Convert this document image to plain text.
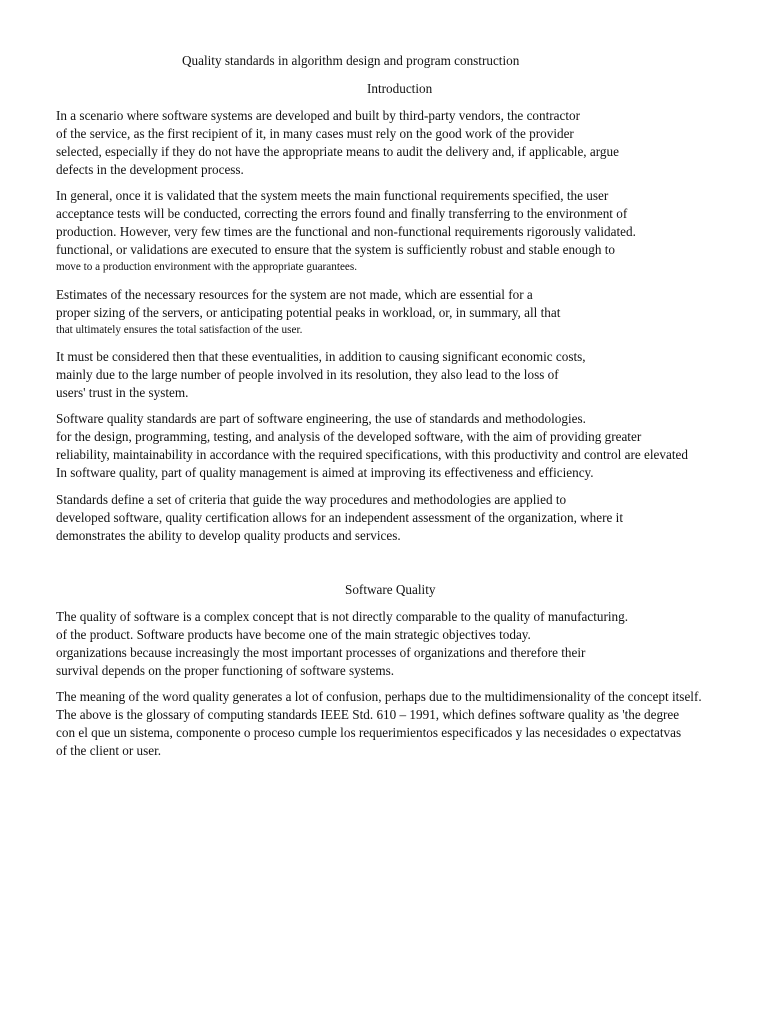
Quality standards in algorithm design and program construction
Introduction

In a scenario where software systems are developed and built by third-party vendors, the contractor
of the service, as the first recipient of it, in many cases must rely on the good work of the provider
selected, especially if they do not have the appropriate means to audit the delivery and, if applicable, argue
defects in the development process.

In general, once it is validated that the system meets the main functional requirements specified, the user
acceptance tests will be conducted, correcting the errors found and finally transferring to the environment of
production. However, very few times are the functional and non-functional requirements rigorously validated.
functional, or validations are executed to ensure that the system is sufficiently robust and stable enough to
move to a production environment with the appropriate guarantees.

Estimates of the necessary resources for the system are not made, which are essential for a
proper sizing of the servers, or anticipating potential peaks in workload, or, in summary, all that
that ultimately ensures the total satisfaction of the user.

It must be considered then that these eventualities, in addition to causing significant economic costs,
mainly due to the large number of people involved in its resolution, they also lead to the loss of
users' trust in the system.

Software quality standards are part of software engineering, the use of standards and methodologies.
for the design, programming, testing, and analysis of the developed software, with the aim of providing greater
reliability, maintainability in accordance with the required specifications, with this productivity and control are elevated
In software quality, part of quality management is aimed at improving its effectiveness and efficiency.

Standards define a set of criteria that guide the way procedures and methodologies are applied to
developed software, quality certification allows for an independent assessment of the organization, where it
demonstrates the ability to develop quality products and services.

Software Quality

The quality of software is a complex concept that is not directly comparable to the quality of manufacturing.
of the product. Software products have become one of the main strategic objectives today.
organizations because increasingly the most important processes of organizations and therefore their
survival depends on the proper functioning of software systems.

The meaning of the word quality generates a lot of confusion, perhaps due to the multidimensionality of the concept itself.
The above is the glossary of computing standards IEEE Std. 610 – 1991, which defines software quality as 'the degree
con el que un sistema, componente o proceso cumple los requerimientos especificados y las necesidades o expectatvas
of the client or user.
